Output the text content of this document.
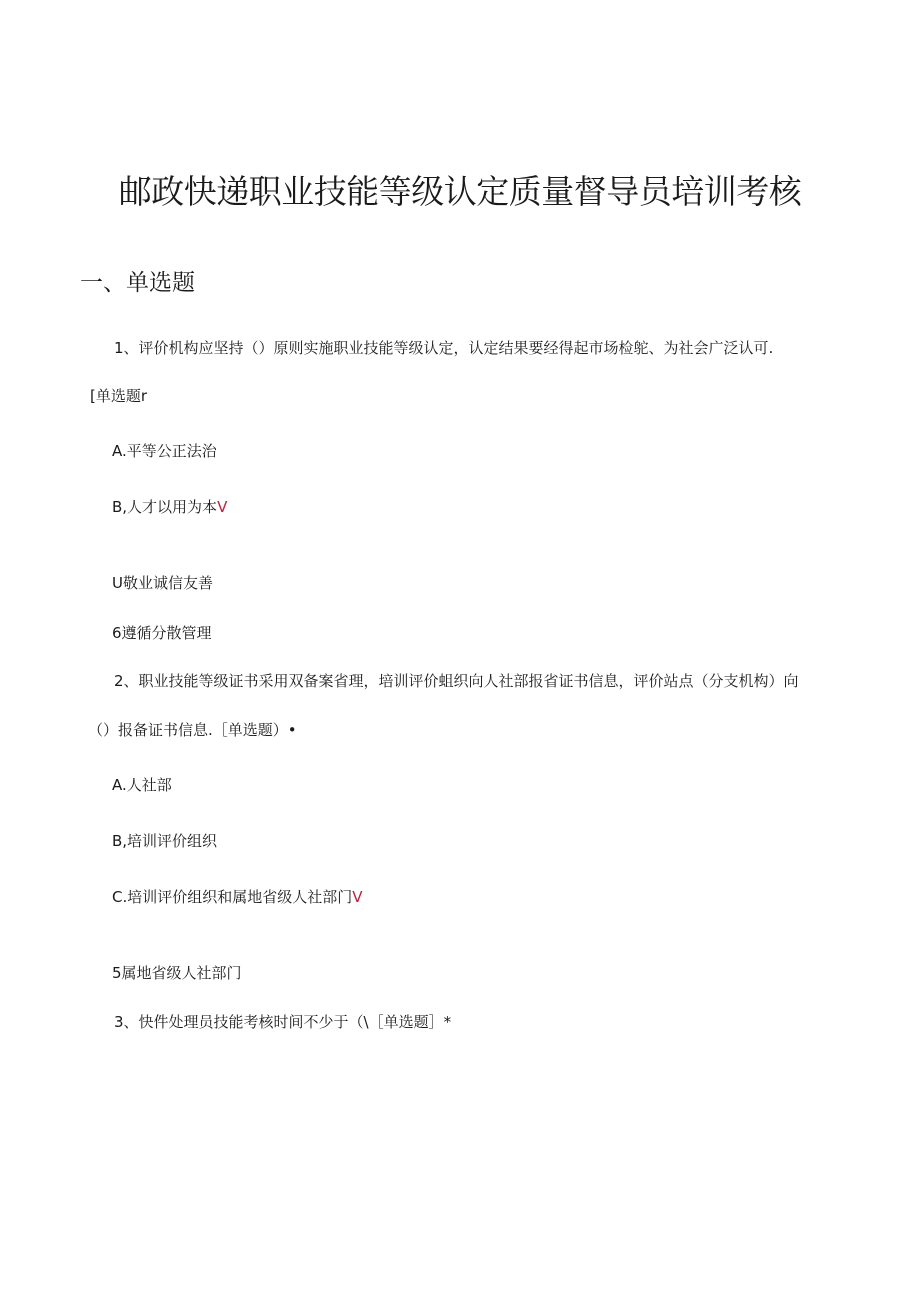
邮政快递职业技能等级认定质量督导员培训考核
一、单选题

1、评价机构应坚持（）原则实施职业技能等级认定，认定结果要经得起市场检鸵、为社会广泛认可.

[单选题r

A.平等公正法治

B,人才以用为本V

U敬业诚信友善

6遵循分散管理

2、职业技能等级证书采用双备案省理，培训评价蛆织向人社部报省证书信息，评价站点（分支机构）向

（）报备证书信息.［单选题）•

A.人社部

B,培训评价组织

C.培训评价组织和属地省级人社部门V

5属地省级人社部门

3、快件处理员技能考核时间不少于（\［单选题］*
